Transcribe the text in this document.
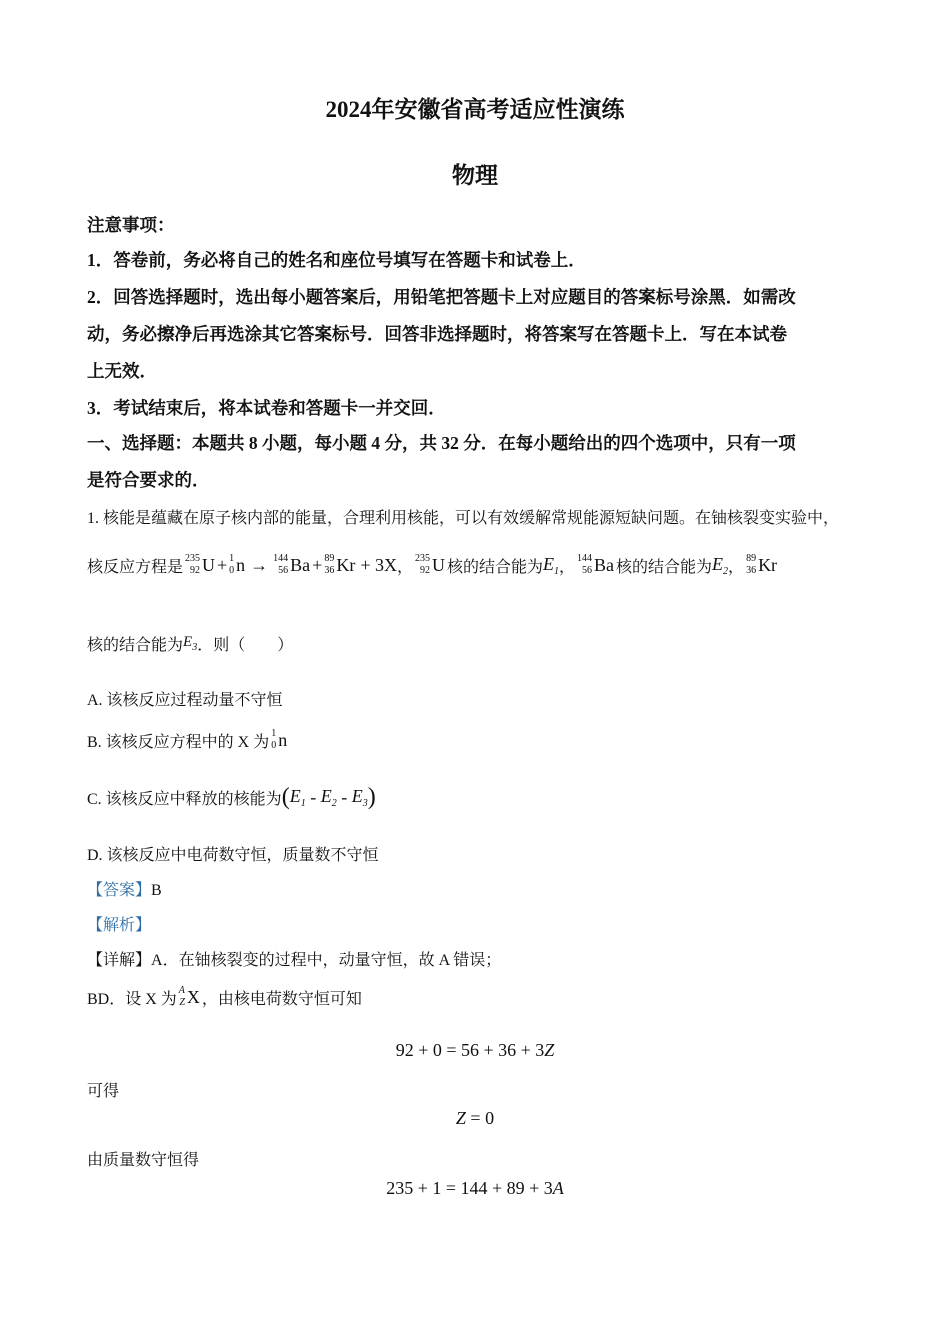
2024年安徽省高考适应性演练
物理
注意事项：
1．答卷前，务必将自己的姓名和座位号填写在答题卡和试卷上．
2．回答选择题时，选出每小题答案后，用铅笔把答题卡上对应题目的答案标号涂黑．如需改
动，务必擦净后再选涂其它答案标号．回答非选择题时，将答案写在答题卡上．写在本试卷
上无效．
3．考试结束后，将本试卷和答题卡一并交回．
一、选择题：本题共 8 小题，每小题 4 分，共 32 分．在每小题给出的四个选项中，只有一项
是符合要求的．
1. 核能是蕴藏在原子核内部的能量，合理利用核能，可以有效缓解常规能源短缺问题。在铀核裂变实验中，
核反应方程是 235
92 U + 1
0 n → 144
56 Ba + 89
36 Kr + 3X ， 235
92 U 核的结合能为 $E_1$ ， 144
56 Ba 核的结合能为 $E_2$ ， 89
36 Kr
核的结合能为 $E_3$ ．则（　　）
A. 该核反应过程动量不守恒
B. 该核反应方程中的 X 为 1
0 n
C. 该核反应中释放的核能为 ( $E_1 - E_2 - E_3$ )
D. 该核反应中电荷数守恒，质量数不守恒
【答案】B
【解析】
【详解】A．在铀核裂变的过程中，动量守恒，故 A 错误；
BD．设 X 为 A
Z X ，由核电荷数守恒可知
92 + 0 = 56 + 36 + 3Z
可得
Z = 0
由质量数守恒得
235 + 1 = 144 + 89 + 3A
